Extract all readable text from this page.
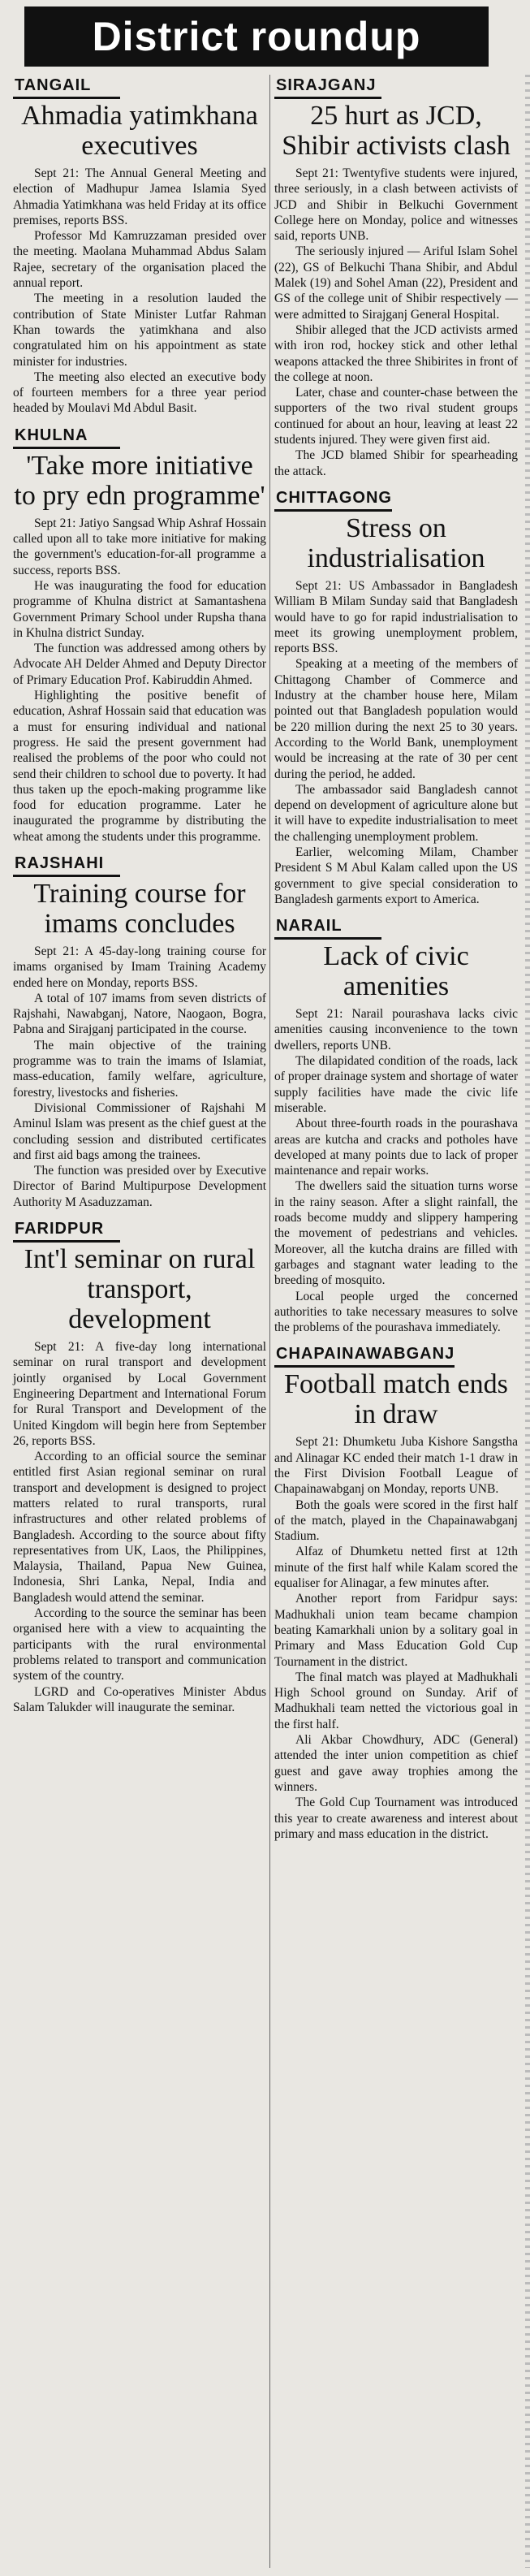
District roundup
TANGAIL
Ahmadia yatimkhana executives

Sept 21: The Annual General Meeting and election of Madhupur Jamea Islamia Syed Ahmadia Yatimkhana was held Friday at its office premises, reports BSS.

Professor Md Kamruzzaman presided over the meeting. Maolana Muhammad Abdus Salam Rajee, secretary of the organisation placed the annual report.

The meeting in a resolution lauded the contribution of State Minister Lutfar Rahman Khan towards the yatimkhana and also congratulated him on his appointment as state minister for industries.

The meeting also elected an executive body of fourteen members for a three year period headed by Moulavi Md Abdul Basit.

KHULNA
'Take more initiative to pry edn programme'

Sept 21: Jatiyo Sangsad Whip Ashraf Hossain called upon all to take more initiative for making the government's education-for-all programme a success, reports BSS.

He was inaugurating the food for education programme of Khulna district at Samantashena Government Primary School under Rupsha thana in Khulna district Sunday.

The function was addressed among others by Advocate AH Delder Ahmed and Deputy Director of Primary Education Prof. Kabiruddin Ahmed.

Highlighting the positive benefit of education, Ashraf Hossain said that education was a must for ensuring individual and national progress. He said the present government had realised the problems of the poor who could not send their children to school due to poverty. It had thus taken up the epoch-making programme like food for education programme. Later he inaugurated the programme by distributing the wheat among the students under this programme.

RAJSHAHI
Training course for imams concludes

Sept 21: A 45-day-long training course for imams organised by Imam Training Academy ended here on Monday, reports BSS.

A total of 107 imams from seven districts of Rajshahi, Nawabganj, Natore, Naogaon, Bogra, Pabna and Sirajganj participated in the course.

The main objective of the training programme was to train the imams of Islamiat, mass-education, family welfare, agriculture, forestry, livestocks and fisheries.

Divisional Commissioner of Rajshahi M Aminul Islam was present as the chief guest at the concluding session and distributed certificates and first aid bags among the trainees.

The function was presided over by Executive Director of Barind Multipurpose Development Authority M Asaduzzaman.

FARIDPUR
Int'l seminar on rural transport, development

Sept 21: A five-day long international seminar on rural transport and development jointly organised by Local Government Engineering Department and International Forum for Rural Transport and Development of the United Kingdom will begin here from September 26, reports BSS.

According to an official source the seminar entitled first Asian regional seminar on rural transport and development is designed to project matters related to rural transports, rural infrastructures and other related problems of Bangladesh. According to the source about fifty representatives from UK, Laos, the Philippines, Malaysia, Thailand, Papua New Guinea, Indonesia, Shri Lanka, Nepal, India and Bangladesh would attend the seminar.

According to the source the seminar has been organised here with a view to acquainting the participants with the rural environmental problems related to transport and communication system of the country.

LGRD and Co-operatives Minister Abdus Salam Talukder will inaugurate the seminar.

SIRAJGANJ
25 hurt as JCD, Shibir activists clash

Sept 21: Twentyfive students were injured, three seriously, in a clash between activists of JCD and Shibir in Belkuchi Government College here on Monday, police and witnesses said, reports UNB.

The seriously injured — Ariful Islam Sohel (22), GS of Belkuchi Thana Shibir, and Abdul Malek (19) and Sohel Aman (22), President and GS of the college unit of Shibir respectively — were admitted to Sirajganj General Hospital.

Shibir alleged that the JCD activists armed with iron rod, hockey stick and other lethal weapons attacked the three Shibirites in front of the college at noon.

Later, chase and counter-chase between the supporters of the two rival student groups continued for about an hour, leaving at least 22 students injured. They were given first aid.

The JCD blamed Shibir for spearheading the attack.

CHITTAGONG
Stress on industrialisation

Sept 21: US Ambassador in Bangladesh William B Milam Sunday said that Bangladesh would have to go for rapid industrialisation to meet its growing unemployment problem, reports BSS.

Speaking at a meeting of the members of Chittagong Chamber of Commerce and Industry at the chamber house here, Milam pointed out that Bangladesh population would be 220 million during the next 25 to 30 years. According to the World Bank, unemployment would be increasing at the rate of 30 per cent during the period, he added.

The ambassador said Bangladesh cannot depend on development of agriculture alone but it will have to expedite industrialisation to meet the challenging unemployment problem.

Earlier, welcoming Milam, Chamber President S M Abul Kalam called upon the US government to give special consideration to Bangladesh garments export to America.

NARAIL
Lack of civic amenities

Sept 21: Narail pourashava lacks civic amenities causing inconvenience to the town dwellers, reports UNB.

The dilapidated condition of the roads, lack of proper drainage system and shortage of water supply facilities have made the civic life miserable.

About three-fourth roads in the pourashava areas are kutcha and cracks and potholes have developed at many points due to lack of proper maintenance and repair works.

The dwellers said the situation turns worse in the rainy season. After a slight rainfall, the roads become muddy and slippery hampering the movement of pedestrians and vehicles. Moreover, all the kutcha drains are filled with garbages and stagnant water leading to the breeding of mosquito.

Local people urged the concerned authorities to take necessary measures to solve the problems of the pourashava immediately.

CHAPAINAWABGANJ
Football match ends in draw

Sept 21: Dhumketu Juba Kishore Sangstha and Alinagar KC ended their match 1-1 draw in the First Division Football League of Chapainawabganj on Monday, reports UNB.

Both the goals were scored in the first half of the match, played in the Chapainawabganj Stadium.

Alfaz of Dhumketu netted first at 12th minute of the first half while Kalam scored the equaliser for Alinagar, a few minutes after.

Another report from Faridpur says: Madhukhali union team became champion beating Kamarkhali union by a solitary goal in Primary and Mass Education Gold Cup Tournament in the district.

The final match was played at Madhukhali High School ground on Sunday. Arif of Madhukhali team netted the victorious goal in the first half.

Ali Akbar Chowdhury, ADC (General) attended the inter union competition as chief guest and gave away trophies among the winners.

The Gold Cup Tournament was introduced this year to create awareness and interest about primary and mass education in the district.
